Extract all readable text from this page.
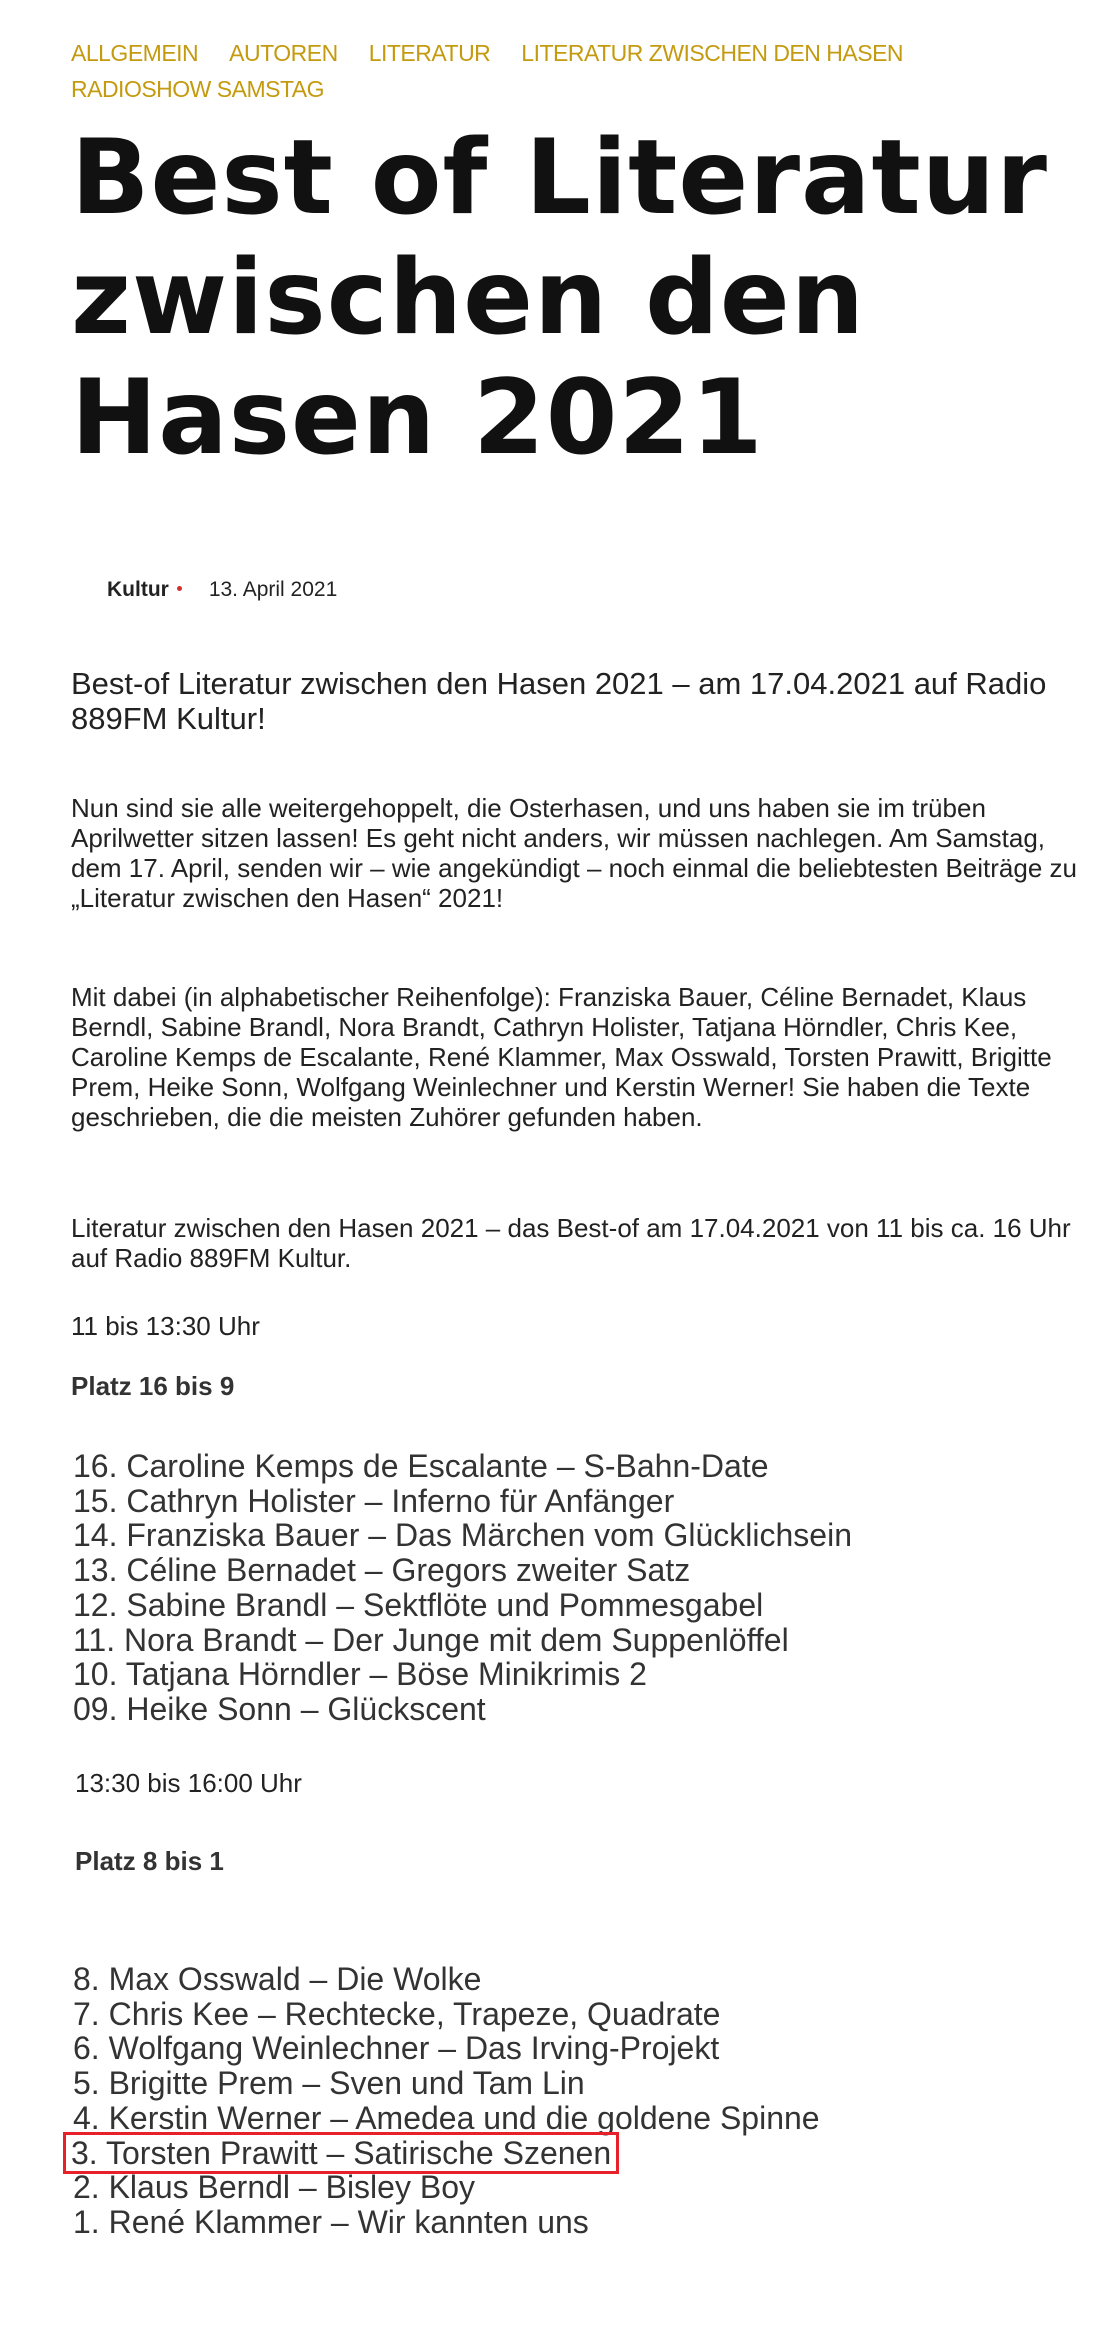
ALLGEMEIN AUTOREN LITERATUR LITERATUR ZWISCHEN DEN HASEN
RADIOSHOW SAMSTAG
Best of Literatur zwischen den Hasen 2021
Kultur 13. April 2021
Best-of Literatur zwischen den Hasen 2021 – am 17.04.2021 auf Radio 889FM Kultur!

Nun sind sie alle weitergehoppelt, die Osterhasen, und uns haben sie im trüben Aprilwetter sitzen lassen! Es geht nicht anders, wir müssen nachlegen. Am Samstag, dem 17. April, senden wir – wie angekündigt – noch einmal die beliebtesten Beiträge zu „Literatur zwischen den Hasen“ 2021!

Mit dabei (in alphabetischer Reihenfolge): Franziska Bauer, Céline Bernadet, Klaus Berndl, Sabine Brandl, Nora Brandt, Cathryn Holister, Tatjana Hörndler, Chris Kee, Caroline Kemps de Escalante, René Klammer, Max Osswald, Torsten Prawitt, Brigitte Prem, Heike Sonn, Wolfgang Weinlechner und Kerstin Werner! Sie haben die Texte geschrieben, die die meisten Zuhörer gefunden haben.

Literatur zwischen den Hasen 2021 – das Best-of am 17.04.2021 von 11 bis ca. 16 Uhr auf Radio 889FM Kultur.

11 bis 13:30 Uhr
Platz 16 bis 9
16. Caroline Kemps de Escalante – S-Bahn-Date
15. Cathryn Holister – Inferno für Anfänger
14. Franziska Bauer – Das Märchen vom Glücklichsein
13. Céline Bernadet – Gregors zweiter Satz
12. Sabine Brandl – Sektflöte und Pommesgabel
11. Nora Brandt – Der Junge mit dem Suppenlöffel
10. Tatjana Hörndler – Böse Minikrimis 2
09. Heike Sonn – Glückscent
13:30 bis 16:00 Uhr
Platz 8 bis 1
8. Max Osswald – Die Wolke
7. Chris Kee – Rechtecke, Trapeze, Quadrate
6. Wolfgang Weinlechner – Das Irving-Projekt
5. Brigitte Prem – Sven und Tam Lin
4. Kerstin Werner – Amedea und die goldene Spinne
3. Torsten Prawitt – Satirische Szenen
2. Klaus Berndl – Bisley Boy
1. René Klammer – Wir kannten uns
